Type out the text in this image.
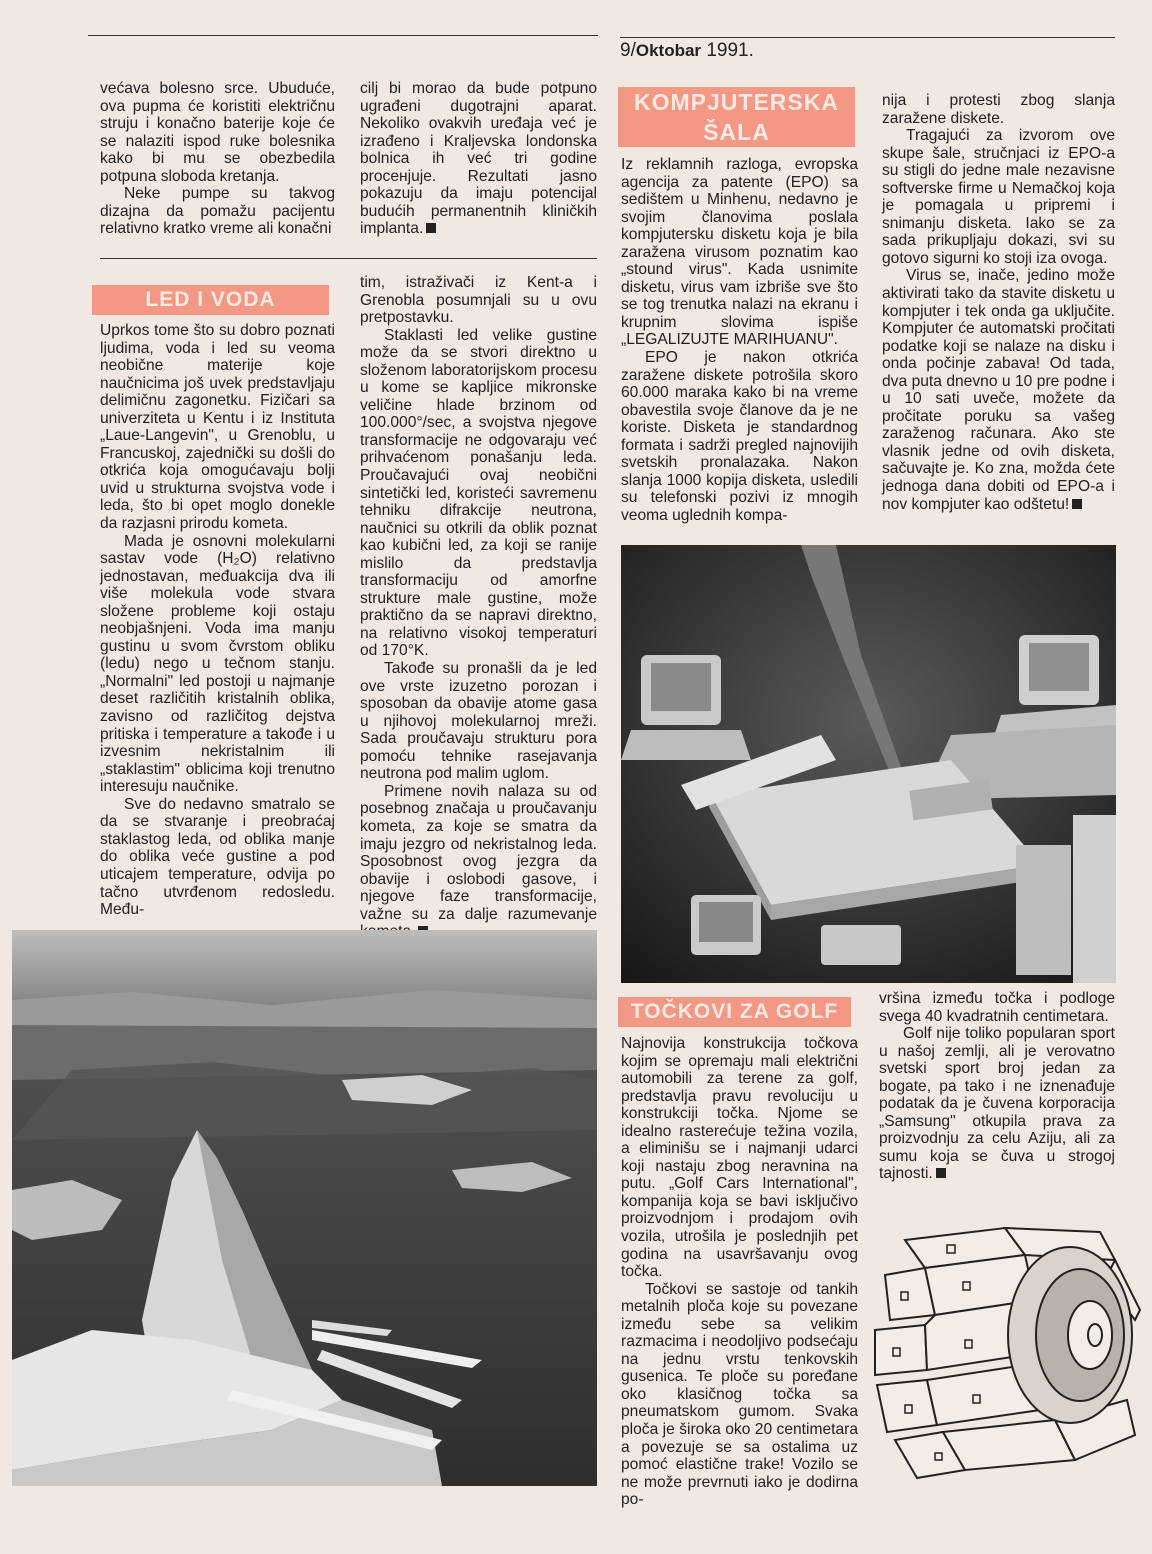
9/Oktobar 1991.

većava bolesno srce. Ubuduće, ova pupma će koristiti električnu struju i konačno baterije koje će se nalaziti ispod ruke bolesnika kako bi mu se obezbedila potpuna sloboda kretanja.

Neke pumpe su takvog dizajna da pomažu pacijentu relativno kratko vreme ali konačni

cilj bi morao da bude potpuno ugrađeni dugotrajni aparat. Nekoliko ovakvih uređaja već je izrađeno i Kraljevska londonska bolnica ih već tri godine proceнjuje. Rezultati jasno pokazuju da imaju potencijal budućih permanentnih kliničkih implanta.

LED I VODA

Uprkos tome što su dobro poznati ljudima, voda i led su veoma neobične materije koje naučnicima još uvek predstavljaju delimičnu zagonetku. Fizičari sa univerziteta u Kentu i iz Instituta „Laue-Langevin", u Grenoblu, u Francuskoj, zajednički su došli do otkrića koja omogućavaju bolji uvid u strukturna svojstva vode i leda, što bi opet moglo donekle da razjasni prirodu kometa.

Mada je osnovni molekularni sastav vode (H₂O) relativno jednostavan, međuakcija dva ili više molekula vode stvara složene probleme koji ostaju neobjašnjeni. Voda ima manju gustinu u svom čvrstom obliku (ledu) nego u tečnom stanju. „Normalni" led postoji u najmanje deset različitih kristalnih oblika, zavisno od različitog dejstva pritiska i temperature a takođe i u izvesnim nekristalnim ili „staklastim" oblicima koji trenutno interesuju naučnike.

Sve do nedavno smatralo se da se stvaranje i preobraćaj staklastog leda, od oblika manje do oblika veće gustine a pod uticajem temperature, odvija po tačno utvrđenom redosledu. Među-

tim, istraživači iz Kent-a i Grenobla posumnjali su u ovu pretpostavku.

Staklasti led velike gustine može da se stvori direktno u složenom laboratorijskom procesu u kome se kapljice mikronske veličine hlade brzinom od 100.000°/sec, a svojstva njegove transformacije ne odgovaraju već prihvaćenom ponašanju leda. Proučavajući ovaj neobični sintetički led, koristeći savremenu tehniku difrakcije neutrona, naučnici su otkrili da oblik poznat kao kubični led, za koji se ranije mislilo da predstavlja transformaciju od amorfne strukture male gustine, može praktično da se napravi direktno, na relativno visokoj temperaturi od 170°K.

Takođe su pronašli da je led ove vrste izuzetno porozan i sposoban da obavije atome gasa u njihovoj molekularnoj mreži. Sada proučavaju strukturu pora pomoću tehnike rasejavanja neutrona pod malim uglom.

Primene novih nalaza su od posebnog značaja u proučavanju kometa, za koje se smatra da imaju jezgro od nekristalnog leda. Sposobnost ovog jezgra da obavije i oslobodi gasove, i njegove faze transformacije, važne su za dalje razumevanje

KOMPJUTERSKA
ŠALA

Iz reklamnih razloga, evropska agencija za patente (EPO) sa sedištem u Minhenu, nedavno je svojim članovima poslala kompjutersku disketu koja je bila zaražena virusom poznatim kao „stound virus". Kada usnimite disketu, virus vam izbriše sve što se tog trenutka nalazi na ekranu i krupnim slovima ispiše „LEGALIZUJTE MARIHUANU".

EPO je nakon otkrića zaražene diskete potrošila skoro 60.000 maraka kako bi na vreme obavestila svoje članove da je ne koriste. Disketa je standardnog formata i sadrži pregled najnovijih svetskih pronalazaka. Nakon slanja 1000 kopija disketa, usledili su telefonski pozivi iz mnogih veoma uglednih kompa-

nija i protesti zbog slanja zaražene diskete.

Tragajući za izvorom ove skupe šale, stručnjaci iz EPO-a su stigli do jedne male nezavisne softverske firme u Nemačkoj koja je pomagala u pripremi i snimanju disketa. Iako se za sada prikupljaju dokazi, svi su gotovo sigurni ko stoji iza ovoga.

Virus se, inače, jedino može aktivirati tako da stavite disketu u kompjuter i tek onda ga uključite. Kompjuter će automatski pročitati podatke koji se nalaze na disku i onda počinje zabava! Od tada, dva puta dnevno u 10 pre podne i u 10 sati uveče, možete da pročitate poruku sa vašeg zaraženog računara. Ako ste vlasnik jedne od ovih disketa, sačuvajte je. Ko zna, možda ćete jednoga dana dobiti od EPO-a i nov kompjuter kao odštetu!

TOČKOVI ZA GOLF

Najnovija konstrukcija točkova kojim se opremaju mali električni automobili za terene za golf, predstavlja pravu revoluciju u konstrukciji točka. Njome se idealno rasterećuje težina vozila, a eliminišu se i najmanji udarci koji nastaju zbog neravnina na putu. „Golf Cars International", kompanija koja se bavi isključivo proizvodnjom i prodajom ovih vozila, utrošila je poslednjih pet godina na usavršavanju ovog točka.

Točkovi se sastoje od tankih metalnih ploča koje su povezane između sebe sa velikim razmacima i neodoljivo podsećaju na jednu vrstu tenkovskih gusenica. Te ploče su poređane oko klasičnog točka sa pneumatskom gumom. Svaka ploča je široka oko 20 centimetara a povezuje se sa ostalima uz pomoć elastične trake! Vozilo se ne može prevrnuti iako je dodirna po-

vršina između točka i podloge svega 40 kvadratnih centimetara.

Golf nije toliko popularan sport u našoj zemlji, ali je verovatno svetski sport broj jedan za bogate, pa tako i ne iznenađuje podatak da je čuvena korporacija „Samsung" otkupila prava za proizvodnju za celu Aziju, ali za sumu koja se čuva u strogoj tajnosti.
